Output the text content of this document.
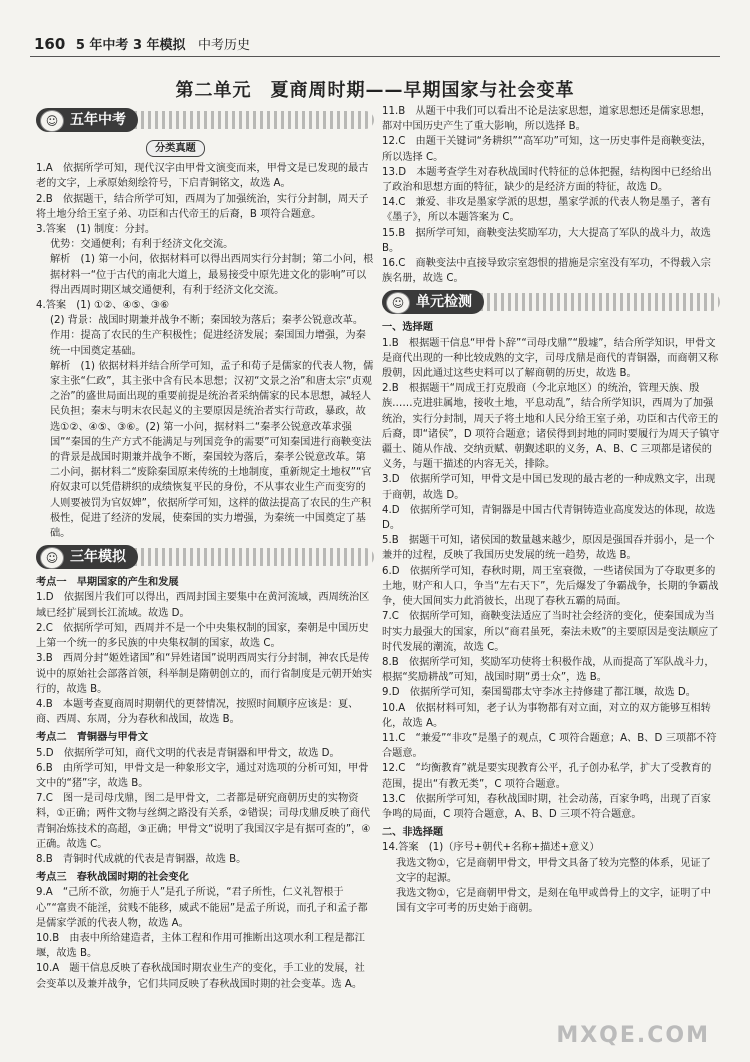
160 5 年中考 3 年模拟 中考历史
第二单元　夏商周时期——早期国家与社会变革
五年中考
☺
分类真题

1.A　依据所学可知，现代汉字由甲骨文演变而来，甲骨文是已发现的最古老的文字，上承原始刻绘符号，下启青铜铭文，故选 A。

2.B　依据题干，结合所学可知，西周为了加强统治，实行分封制，周天子将土地分给王室子弟、功臣和古代帝王的后裔，B 项符合题意。

3.答案　(1) 制度：分封。

优势：交通便利；有利于经济文化交流。

解析　(1) 第一小问，依据材料可以得出西周实行分封制；第二小问，根据材料一“位于古代的南北大道上，最易接受中原先进文化的影响”可以得出西周时期区域交通便利，有利于经济文化交流。

4.答案　(1) ①②、④⑤、③⑥

(2) 背景：战国时期兼并战争不断；秦国较为落后；秦孝公锐意改革。

作用：提高了农民的生产积极性；促进经济发展；秦国国力增强，为秦统一中国奠定基础。

解析　(1) 依据材料并结合所学可知，孟子和荀子是儒家的代表人物，儒家主张“仁政”，其主张中含有民本思想；汉初“文景之治”和唐太宗“贞观之治”的盛世局面出现的重要前提是统治者采纳儒家的民本思想，减轻人民负担；秦末与明末农民起义的主要原因是统治者实行苛政，暴政，故选①②、④⑤、③⑥。(2) 第一小问，据材料二“秦孝公锐意改革求强国”“秦国的生产方式不能满足与列国竞争的需要”可知秦国进行商鞅变法的背景是战国时期兼并战争不断，秦国较为落后，秦孝公锐意改革。第二小问，据材料二“废除秦国原来传统的土地制度，重新规定土地权”“官府奴隶可以凭借耕织的成绩恢复平民的身份，不从事农业生产而变穷的人则要被罚为官奴婢”，依据所学可知，这样的做法提高了农民的生产积极性，促进了经济的发展，使秦国的实力增强，为秦统一中国奠定了基础。

三年模拟
☺

考点一　早期国家的产生和发展

1.D　依据图片我们可以得出，西周封国主要集中在黄河流域，西周统治区域已经扩展到长江流域。故选 D。

2.C　依据所学可知，西周并不是一个中央集权制的国家，秦朝是中国历史上第一个统一的多民族的中央集权制的国家，故选 C。

3.B　西周分封“姬姓诸国”和“异姓诸国”说明西周实行分封制，神农氏是传说中的原始社会部落首领，科举制是隋朝创立的，而行省制度是元朝开始实行的，故选 B。

4.B　本题考查夏商周时期朝代的更替情况，按照时间顺序应该是：夏、商、西周、东周，分为春秋和战国，故选 B。

考点二　青铜器与甲骨文

5.D　依据所学可知，商代文明的代表是青铜器和甲骨文，故选 D。

6.B　由所学可知，甲骨文是一种象形文字，通过对选项的分析可知，甲骨文中的“猪”字，故选 B。

7.C　图一是司母戊鼎，图二是甲骨文，二者都是研究商朝历史的实物资料，①正确；两件文物与丝绸之路没有关系，②错误；司母戊鼎反映了商代青铜冶炼技术的高超，③正确；甲骨文“说明了我国汉字是有据可查的”，④正确。故选 C。

8.B　青铜时代成就的代表是青铜器，故选 B。

考点三　春秋战国时期的社会变化

9.A　“己所不欲，勿施于人”是孔子所说，“君子所性，仁义礼智根于心”“富贵不能淫，贫贱不能移，威武不能屈”是孟子所说，而孔子和孟子都是儒家学派的代表人物，故选 A。

10.B　由表中所给建造者，主体工程和作用可推断出这项水利工程是都江堰，故选 B。

10.A　题干信息反映了春秋战国时期农业生产的变化，手工业的发展，社会变革以及兼并战争，它们共同反映了春秋战国时期的社会变革。选 A。

11.B　从题干中我们可以看出不论是法家思想，道家思想还是儒家思想，都对中国历史产生了重大影响，所以选择 B。

12.C　由题干关键词“务耕织”“高军功”可知，这一历史事件是商鞅变法，所以选择 C。

13.D　本题考查学生对春秋战国时代特征的总体把握，结构图中已经给出了政治和思想方面的特征，缺少的是经济方面的特征，故选 D。

14.C　兼爱、非攻是墨家学派的思想，墨家学派的代表人物是墨子，著有《墨子》，所以本题答案为 C。

15.B　据所学可知，商鞅变法奖励军功，大大提高了军队的战斗力，故选 B。

16.C　商鞅变法中直接导致宗室怨恨的措施是宗室没有军功，不得载入宗族名册，故选 C。

单元检测
☺

一、选择题

1.B　根据题干信息“甲骨卜辞”“司母戊鼎”“殷墟”，结合所学知识，甲骨文是商代出现的一种比较成熟的文字，司母戊鼎是商代的青铜器，而商朝又称殷朝，因此通过这些史料可以了解商朝的历史，故选 B。

2.B　根据题干“周成王打克殷商（今北京地区）的统治，管理天族、殷族……克进驻属地，接收土地，平息动乱”，结合所学知识，西周为了加强统治，实行分封制，周天子将土地和人民分给王室子弟，功臣和古代帝王的后裔，即“诸侯”，D 项符合题意；诸侯得到封地的同时要履行为周天子镇守疆土、随从作战、交纳贡赋、朝觐述职的义务，A、B、C 三项都是诸侯的义务，与题干描述的内容无关，排除。

3.D　依据所学可知，甲骨文是中国已发现的最古老的一种成熟文字，出现于商朝，故选 D。

4.D　依据所学可知，青铜器是中国古代青铜铸造业高度发达的体现，故选 D。

5.B　据题干可知，诸侯国的数量越来越少，原因是强国吞并弱小，是一个兼并的过程，反映了我国历史发展的统一趋势，故选 B。

6.D　依据所学可知，春秋时期，周王室衰微，一些诸侯国为了夺取更多的土地，财产和人口，争当“左右天下”，先后爆发了争霸战争，长期的争霸战争，使大国间实力此消彼长，出现了春秋五霸的局面。

7.C　依据所学可知，商鞅变法适应了当时社会经济的变化，使秦国成为当时实力最强大的国家，所以“商君虽死，秦法未败”的主要原因是变法顺应了时代发展的潮流，故选 C。

8.B　依据所学可知，奖励军功使将士积极作战，从而提高了军队战斗力，根据“奖励耕战”可知，战国时期“勇士众”，选 B。

9.D　依据所学可知，秦国蜀郡太守李冰主持修建了都江堰，故选 D。

10.A　依据材料可知，老子认为事物都有对立面，对立的双方能够互相转化，故选 A。

11.C　“兼爱”“非攻”是墨子的观点，C 项符合题意；A、B、D 三项都不符合题意。

12.C　“均衡教育”就是要实现教育公平，孔子创办私学，扩大了受教育的范围，提出“有教无类”，C 项符合题意。

13.C　依据所学可知，春秋战国时期，社会动荡，百家争鸣，出现了百家争鸣的局面，C 项符合题意，A、B、D 三项不符合题意。

二、非选择题

14.答案　(1)（序号+朝代+名称+描述+意义）

我选文物①，它是商朝甲骨文，甲骨文具备了较为完整的体系，见证了文字的起源。

我选文物①，它是商朝甲骨文，是刻在龟甲或兽骨上的文字，证明了中国有文字可考的历史始于商朝。

MXQE.COM
